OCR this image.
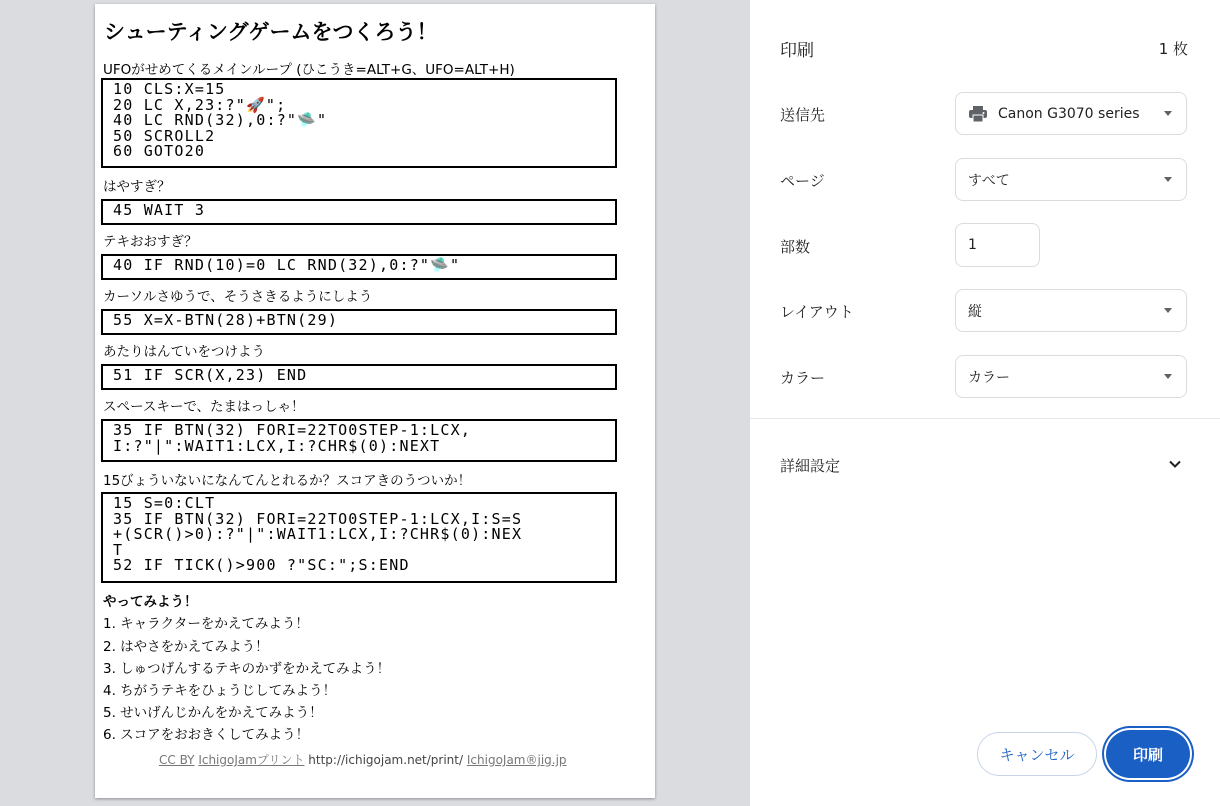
シューティングゲームをつくろう！
UFOがせめてくるメインループ (ひこうき=ALT+G、UFO=ALT+H)
10 CLS:X=15
20 LC X,23:?"🚀";
40 LC RND(32),0:?"🛸"
50 SCROLL2
60 GOTO20
はやすぎ？
45 WAIT 3
テキおおすぎ？
40 IF RND(10)=0 LC RND(32),0:?"🛸"
カーソルさゆうで、そうさきるようにしよう
55 X=X-BTN(28)+BTN(29)
あたりはんていをつけよう
51 IF SCR(X,23) END
スペースキーで、たまはっしゃ！
35 IF BTN(32) FORI=22TO0STEP-1:LCX,
I:?"|":WAIT1:LCX,I:?CHR$(0):NEXT
15びょういないになんてんとれるか？スコアきのうついか！
15 S=0:CLT
35 IF BTN(32) FORI=22TO0STEP-1:LCX,I:S=S
+(SCR()>0):?"|":WAIT1:LCX,I:?CHR$(0):NEX
T
52 IF TICK()>900 ?"SC:";S:END
やってみよう！
1. キャラクターをかえてみよう！
2. はやさをかえてみよう！
3. しゅつげんするテキのかずをかえてみよう！
4. ちがうテキをひょうじしてみよう！
5. せいげんじかんをかえてみよう！
6. スコアをおおきくしてみよう！
CC BY IchigoJamプリント http://ichigojam.net/print/ IchigoJam®jig.jp
印刷	1 枚
送信先	Canon G3070 series
ページ	すべて
部数	1
レイアウト	縦
カラー	カラー
詳細設定
キャンセル	印刷
